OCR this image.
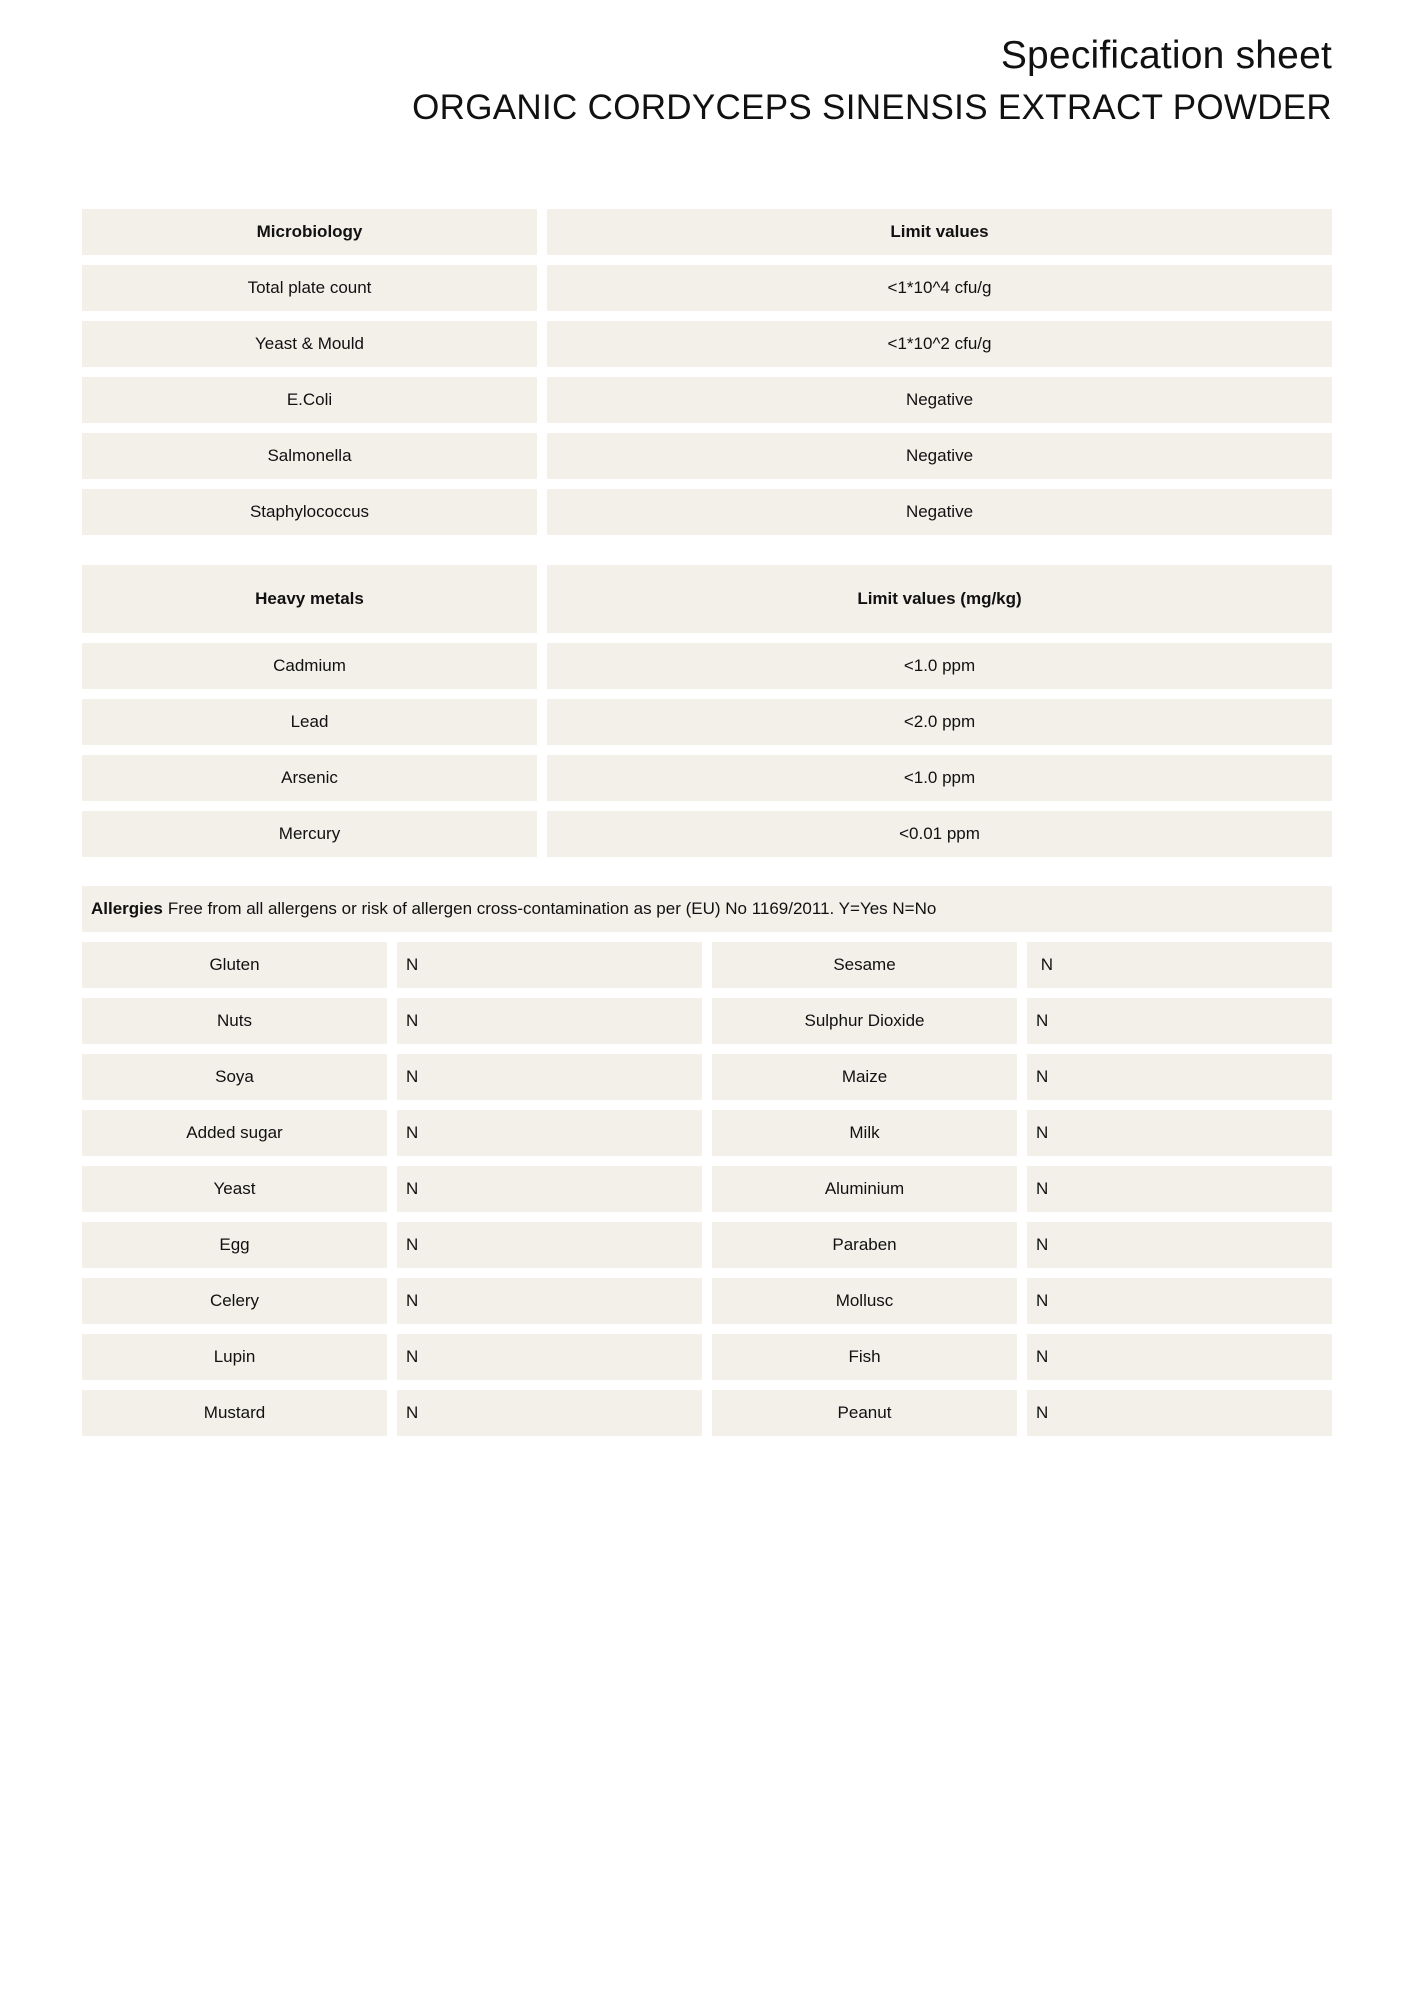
Specification sheet
ORGANIC CORDYCEPS SINENSIS EXTRACT POWDER
Microbiology	Limit values
Total plate count	<1*10^4 cfu/g
Yeast & Mould	<1*10^2 cfu/g
E.Coli	Negative
Salmonella	Negative
Staphylococcus	Negative
Heavy metals	Limit values (mg/kg)
Cadmium	<1.0 ppm
Lead	<2.0 ppm
Arsenic	<1.0 ppm
Mercury	<0.01 ppm
Allergies Free from all allergens or risk of allergen cross-contamination as per (EU) No 1169/2011. Y=Yes N=No
Gluten	N	Sesame	N
Nuts	N	Sulphur Dioxide	N
Soya	N	Maize	N
Added sugar	N	Milk	N
Yeast	N	Aluminium	N
Egg	N	Paraben	N
Celery	N	Mollusc	N
Lupin	N	Fish	N
Mustard	N	Peanut	N
